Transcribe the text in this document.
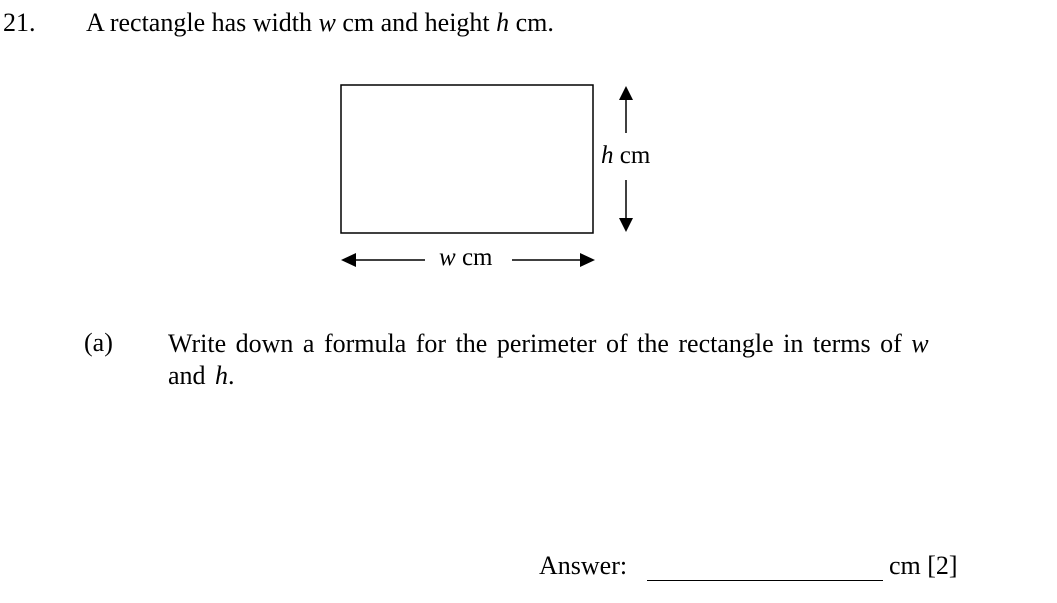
21. A rectangle has width w cm and height h cm.
h cm
w cm
(a) Write down a formula for the perimeter of the rectangle in terms of w
and h.
Answer:	cm [2]
